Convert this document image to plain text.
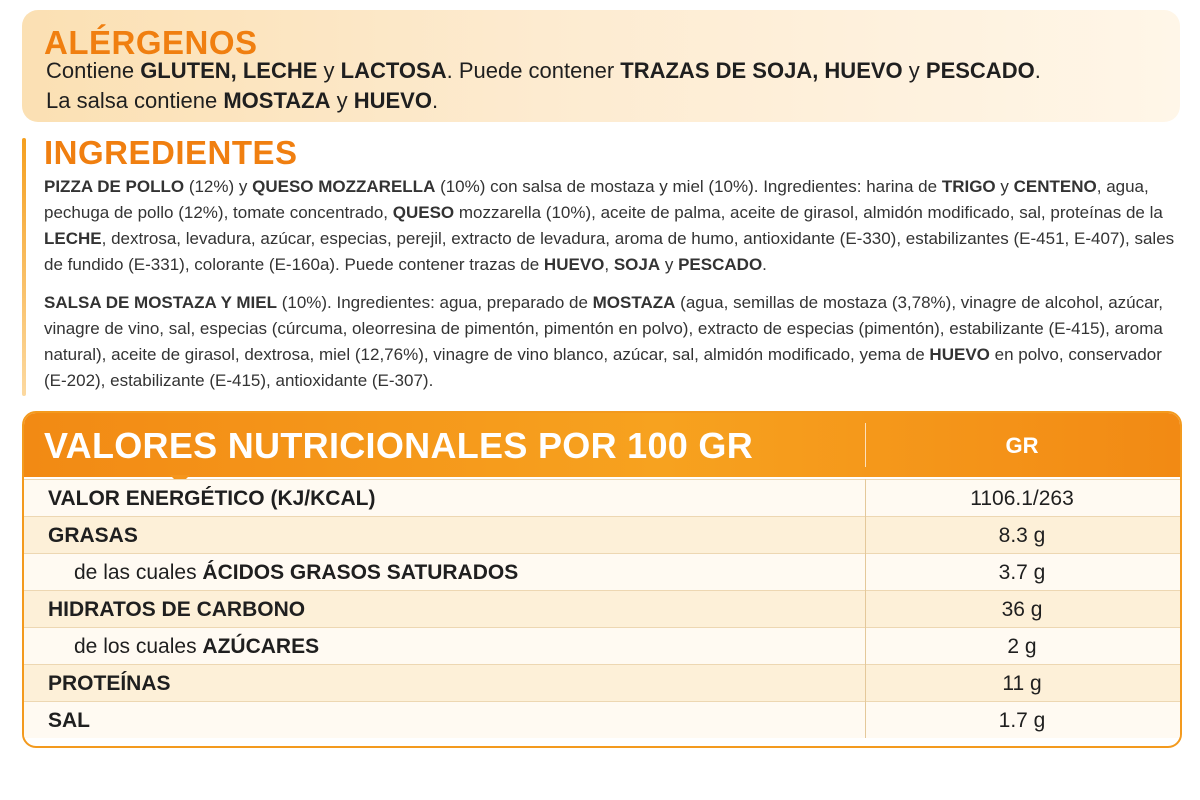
ALÉRGENOS
Contiene GLUTEN, LECHE y LACTOSA. Puede contener TRAZAS DE SOJA, HUEVO y PESCADO.
La salsa contiene MOSTAZA y HUEVO.
INGREDIENTES
PIZZA DE POLLO (12%) y QUESO MOZZARELLA (10%) con salsa de mostaza y miel (10%). Ingredientes: harina de TRIGO y CENTENO, agua, pechuga de pollo (12%), tomate concentrado, QUESO mozzarella (10%), aceite de palma, aceite de girasol, almidón modificado, sal, proteínas de la LECHE, dextrosa, levadura, azúcar, especias, perejil, extracto de levadura, aroma de humo, antioxidante (E-330), estabilizantes (E-451, E-407), sales de fundido (E-331), colorante (E-160a). Puede contener trazas de HUEVO, SOJA y PESCADO.
SALSA DE MOSTAZA Y MIEL (10%). Ingredientes: agua, preparado de MOSTAZA (agua, semillas de mostaza (3,78%), vinagre de alcohol, azúcar, vinagre de vino, sal, especias (cúrcuma, oleorresina de pimentón, pimentón en polvo), extracto de especias (pimentón), estabilizante (E-415), aroma natural), aceite de girasol, dextrosa, miel (12,76%), vinagre de vino blanco, azúcar, sal, almidón modificado, yema de HUEVO en polvo, conservador (E-202), estabilizante (E-415), antioxidante (E-307).
VALORES NUTRICIONALES POR 100 GR	GR
VALOR ENERGÉTICO (KJ/KCAL)	1106.1/263
GRASAS	8.3 g
de las cuales ÁCIDOS GRASOS SATURADOS	3.7 g
HIDRATOS DE CARBONO	36 g
de los cuales AZÚCARES	2 g
PROTEÍNAS	11 g
SAL	1.7 g
